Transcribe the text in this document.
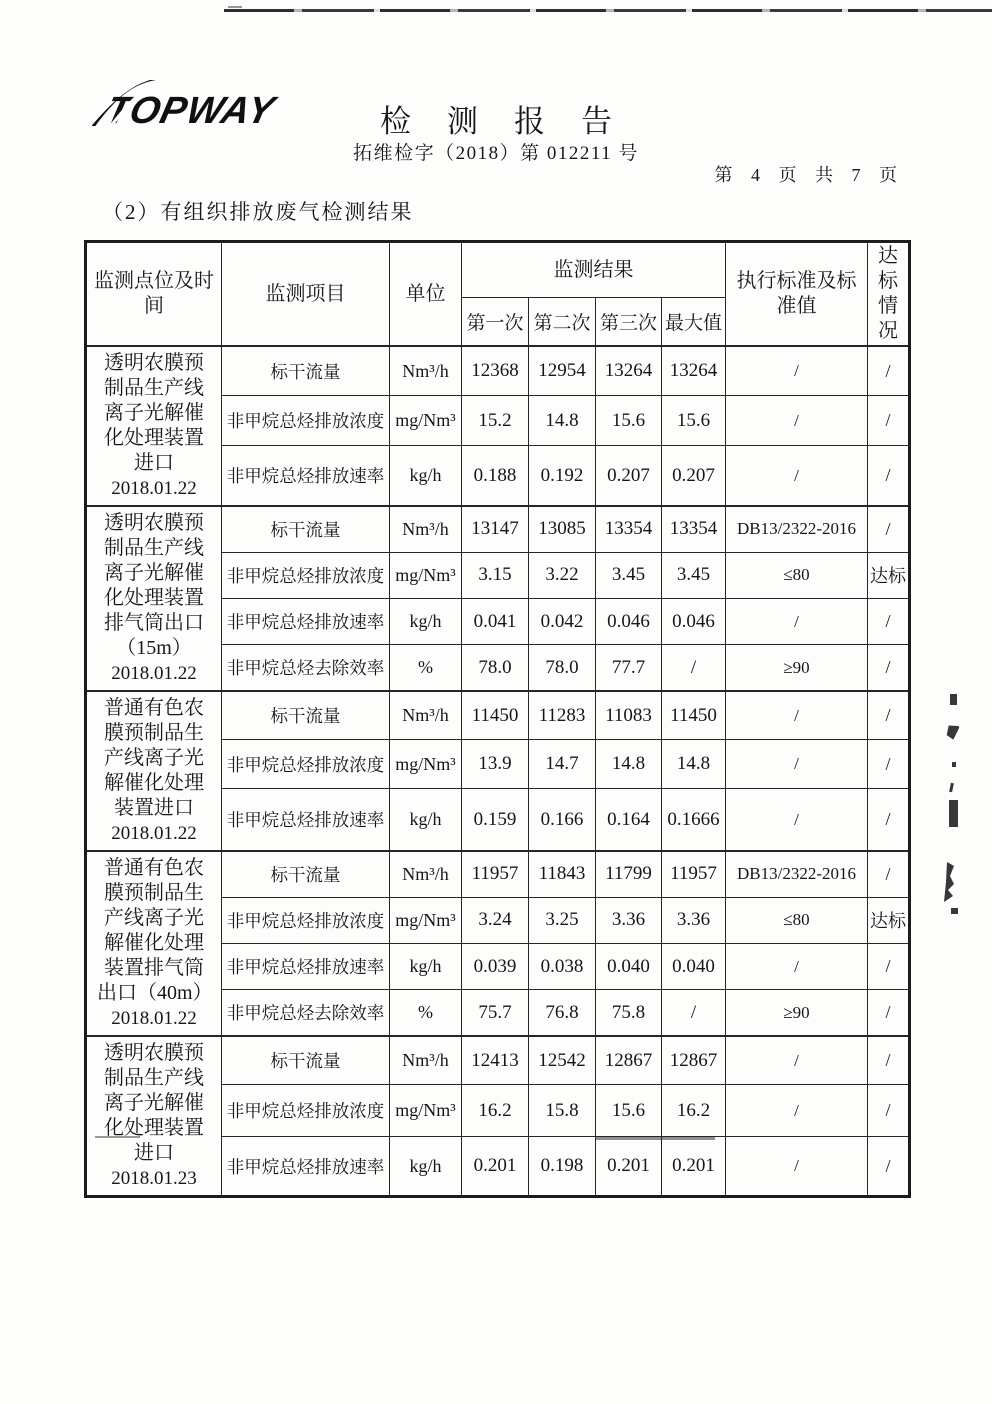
TOPWAY	检测报告
拓维检字（2018）第 012211 号
第 4 页 共 7 页
（2）有组织排放废气检测结果
监测点位及时间	监测项目	单位	监测结果				执行标准及标准值	达标情况
			第一次	第二次	第三次	最大值		
透明农膜预制品生产线离子光解催化处理装置进口
2018.01.22	标干流量	Nm³/h	12368	12954	13264	13264	/	/
	非甲烷总烃排放浓度	mg/Nm³	15.2	14.8	15.6	15.6	/	/
	非甲烷总烃排放速率	kg/h	0.188	0.192	0.207	0.207	/	/
透明农膜预制品生产线离子光解催化处理装置排气筒出口（15m）
2018.01.22	标干流量	Nm³/h	13147	13085	13354	13354	DB13/2322-2016	/
	非甲烷总烃排放浓度	mg/Nm³	3.15	3.22	3.45	3.45	≤80	达标
	非甲烷总烃排放速率	kg/h	0.041	0.042	0.046	0.046	/	/
	非甲烷总烃去除效率	%	78.0	78.0	77.7	/	≥90	/
普通有色农膜预制品生产线离子光解催化处理装置进口
2018.01.22	标干流量	Nm³/h	11450	11283	11083	11450	/	/
	非甲烷总烃排放浓度	mg/Nm³	13.9	14.7	14.8	14.8	/	/
	非甲烷总烃排放速率	kg/h	0.159	0.166	0.164	0.1666	/	/
普通有色农膜预制品生产线离子光解催化处理装置排气筒出口（40m）
2018.01.22	标干流量	Nm³/h	11957	11843	11799	11957	DB13/2322-2016	/
	非甲烷总烃排放浓度	mg/Nm³	3.24	3.25	3.36	3.36	≤80	达标
	非甲烷总烃排放速率	kg/h	0.039	0.038	0.040	0.040	/	/
	非甲烷总烃去除效率	%	75.7	76.8	75.8	/	≥90	/
透明农膜预制品生产线离子光解催化处理装置进口
2018.01.23	标干流量	Nm³/h	12413	12542	12867	12867	/	/
	非甲烷总烃排放浓度	mg/Nm³	16.2	15.8	15.6	16.2	/	/
	非甲烷总烃排放速率	kg/h	0.201	0.198	0.201	0.201	/	/
